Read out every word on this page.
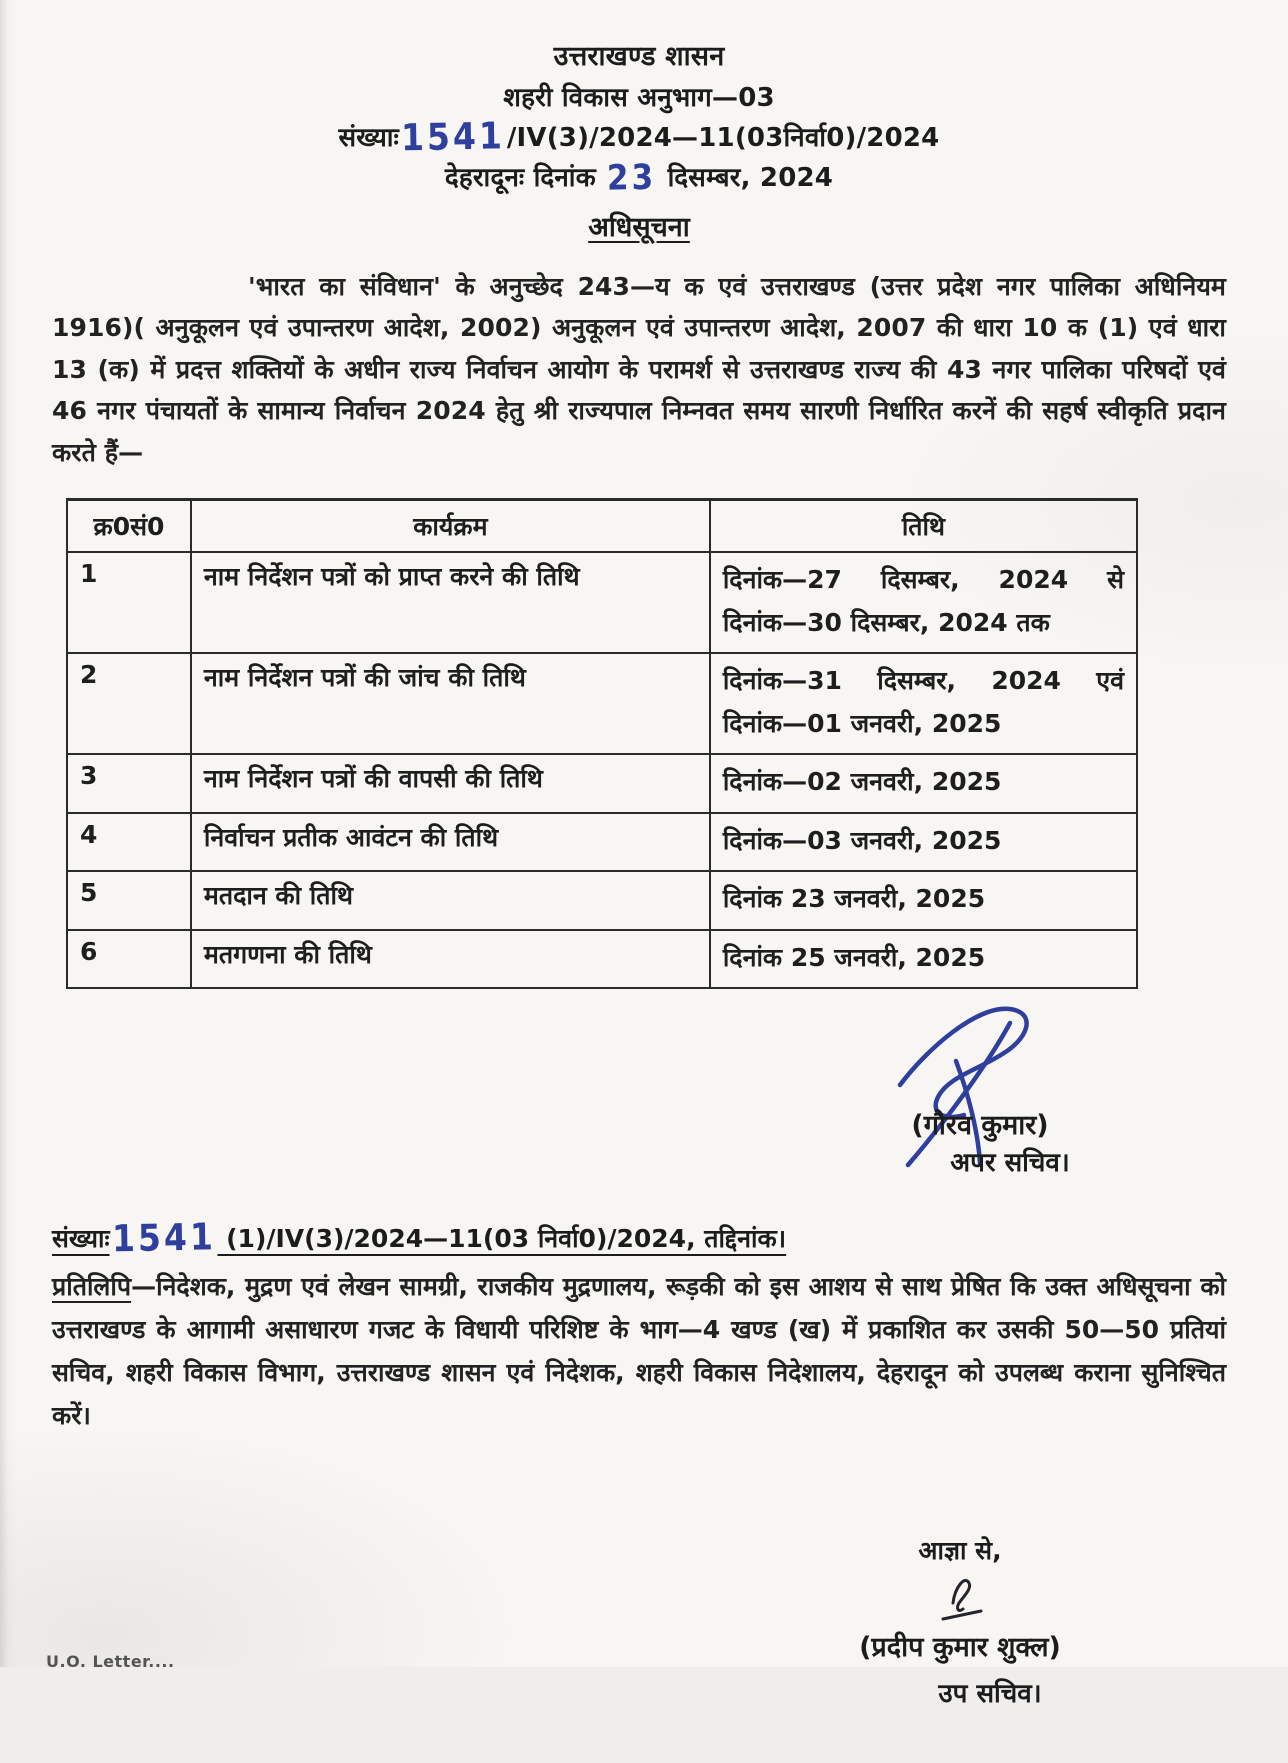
उत्तराखण्ड शासन
शहरी विकास अनुभाग—03
संख्याः1541/IV(3)/2024—11(03निर्वा0)/2024
देहरादूनः दिनांक 23 दिसम्बर, 2024
अधिसूचना

'भारत का संविधान' के अनुच्छेद 243—य क एवं उत्तराखण्ड (उत्तर प्रदेश नगर पालिका अधिनियम 1916)( अनुकूलन एवं उपान्तरण आदेश, 2002) अनुकूलन एवं उपान्तरण आदेश, 2007 की धारा 10 क (1) एवं धारा 13 (क) में प्रदत्त शक्तियों के अधीन राज्य निर्वाचन आयोग के परामर्श से उत्तराखण्ड राज्य की 43 नगर पालिका परिषदों एवं 46 नगर पंचायतों के सामान्य निर्वाचन 2024 हेतु श्री राज्यपाल निम्नवत समय सारणी निर्धारित करनें की सहर्ष स्वीकृति प्रदान करते हैं—

क्र0सं0	कार्यक्रम	तिथि
1	नाम निर्देशन पत्रों को प्राप्त करने की तिथि	दिनांक—27 दिसम्बर, 2024 से
दिनांक—30 दिसम्बर, 2024 तक

2	नाम निर्देशन पत्रों की जांच की तिथि	दिनांक—31 दिसम्बर, 2024 एवं
दिनांक—01 जनवरी, 2025

3	नाम निर्देशन पत्रों की वापसी की तिथि	दिनांक—02 जनवरी, 2025

4	निर्वाचन प्रतीक आवंटन की तिथि	दिनांक—03 जनवरी, 2025

5	मतदान की तिथि	दिनांक 23 जनवरी, 2025

6	मतगणना की तिथि	दिनांक 25 जनवरी, 2025
(गौरव कुमार)
अपर सचिव।
संख्याः1541 (1)/IV(3)/2024—11(03 निर्वा0)/2024, तद्दिनांक।

प्रतिलिपि—निदेशक, मुद्रण एवं लेखन सामग्री, राजकीय मुद्रणालय, रूड़की को इस आशय से साथ प्रेषित कि उक्त अधिसूचना को उत्तराखण्ड के आगामी असाधारण गजट के विधायी परिशिष्ट के भाग—4 खण्ड (ख) में प्रकाशित कर उसकी 50—50 प्रतियां सचिव, शहरी विकास विभाग, उत्तराखण्ड शासन एवं निदेशक, शहरी विकास निदेशालय, देहरादून को उपलब्ध कराना सुनिश्चित करें।

आज्ञा से,
(प्रदीप कुमार शुक्ल)
उप सचिव।
U.O. Letter....
